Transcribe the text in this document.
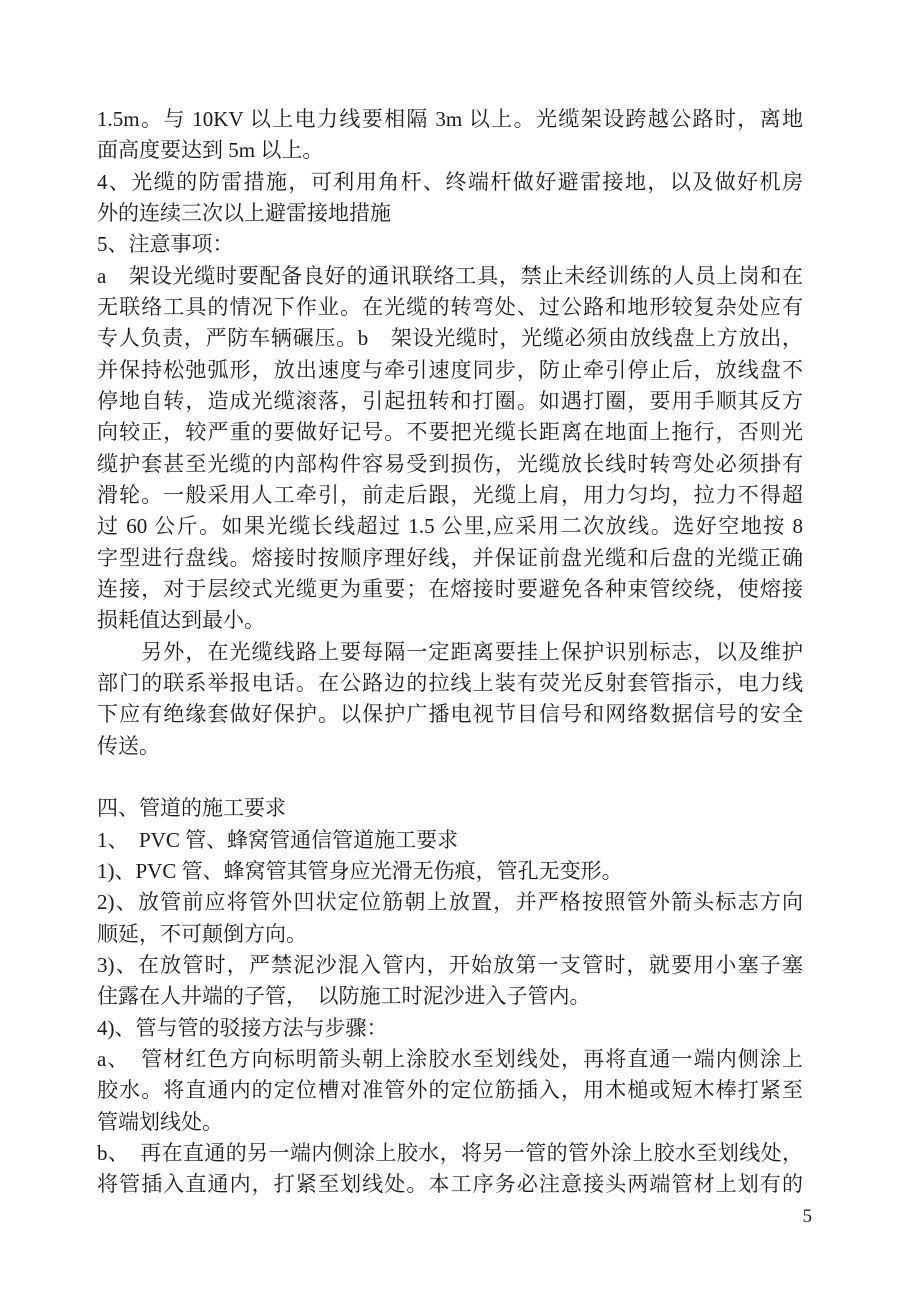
1.5m。与 10KV 以上电力线要相隔 3m 以上。光缆架设跨越公路时，离地
面高度要达到 5m 以上。
4、光缆的防雷措施，可利用角杆、终端杆做好避雷接地，以及做好机房
外的连续三次以上避雷接地措施
5、注意事项：
a　架设光缆时要配备良好的通讯联络工具，禁止未经训练的人员上岗和在
无联络工具的情况下作业。在光缆的转弯处、过公路和地形较复杂处应有
专人负责，严防车辆碾压。b　架设光缆时，光缆必须由放线盘上方放出，
并保持松弛弧形，放出速度与牵引速度同步，防止牵引停止后，放线盘不
停地自转，造成光缆滚落，引起扭转和打圈。如遇打圈，要用手顺其反方
向较正，较严重的要做好记号。不要把光缆长距离在地面上拖行，否则光
缆护套甚至光缆的内部构件容易受到损伤，光缆放长线时转弯处必须掛有
滑轮。一般采用人工牵引，前走后跟，光缆上肩，用力匀均，拉力不得超
过 60 公斤。如果光缆长线超过 1.5 公里,应采用二次放线。选好空地按 8
字型进行盘线。熔接时按顺序理好线，并保证前盘光缆和后盘的光缆正确
连接，对于层绞式光缆更为重要；在熔接时要避免各种束管绞绕，使熔接
损耗值达到最小。
　　另外，在光缆线路上要每隔一定距离要挂上保护识别标志，以及维护
部门的联系举报电话。在公路边的拉线上装有荧光反射套管指示，电力线
下应有绝缘套做好保护。以保护广播电视节目信号和网络数据信号的安全
传送。

四、管道的施工要求
1、　PVC 管、蜂窝管通信管道施工要求
1)、PVC 管、蜂窝管其管身应光滑无伤痕，管孔无变形。
2)、放管前应将管外凹状定位筋朝上放置，并严格按照管外箭头标志方向
顺延，不可颠倒方向。
3)、在放管时，严禁泥沙混入管内，开始放第一支管时，就要用小塞子塞
住露在人井端的子管，　以防施工时泥沙进入子管内。
4)、管与管的驳接方法与步骤：
a、　管材红色方向标明箭头朝上涂胶水至划线处，再将直通一端内侧涂上
胶水。将直通内的定位槽对准管外的定位筋插入，用木槌或短木棒打紧至
管端划线处。
b、　再在直通的另一端内侧涂上胶水，将另一管的管外涂上胶水至划线处，
将管插入直通内，打紧至划线处。本工序务必注意接头两端管材上划有的
5
